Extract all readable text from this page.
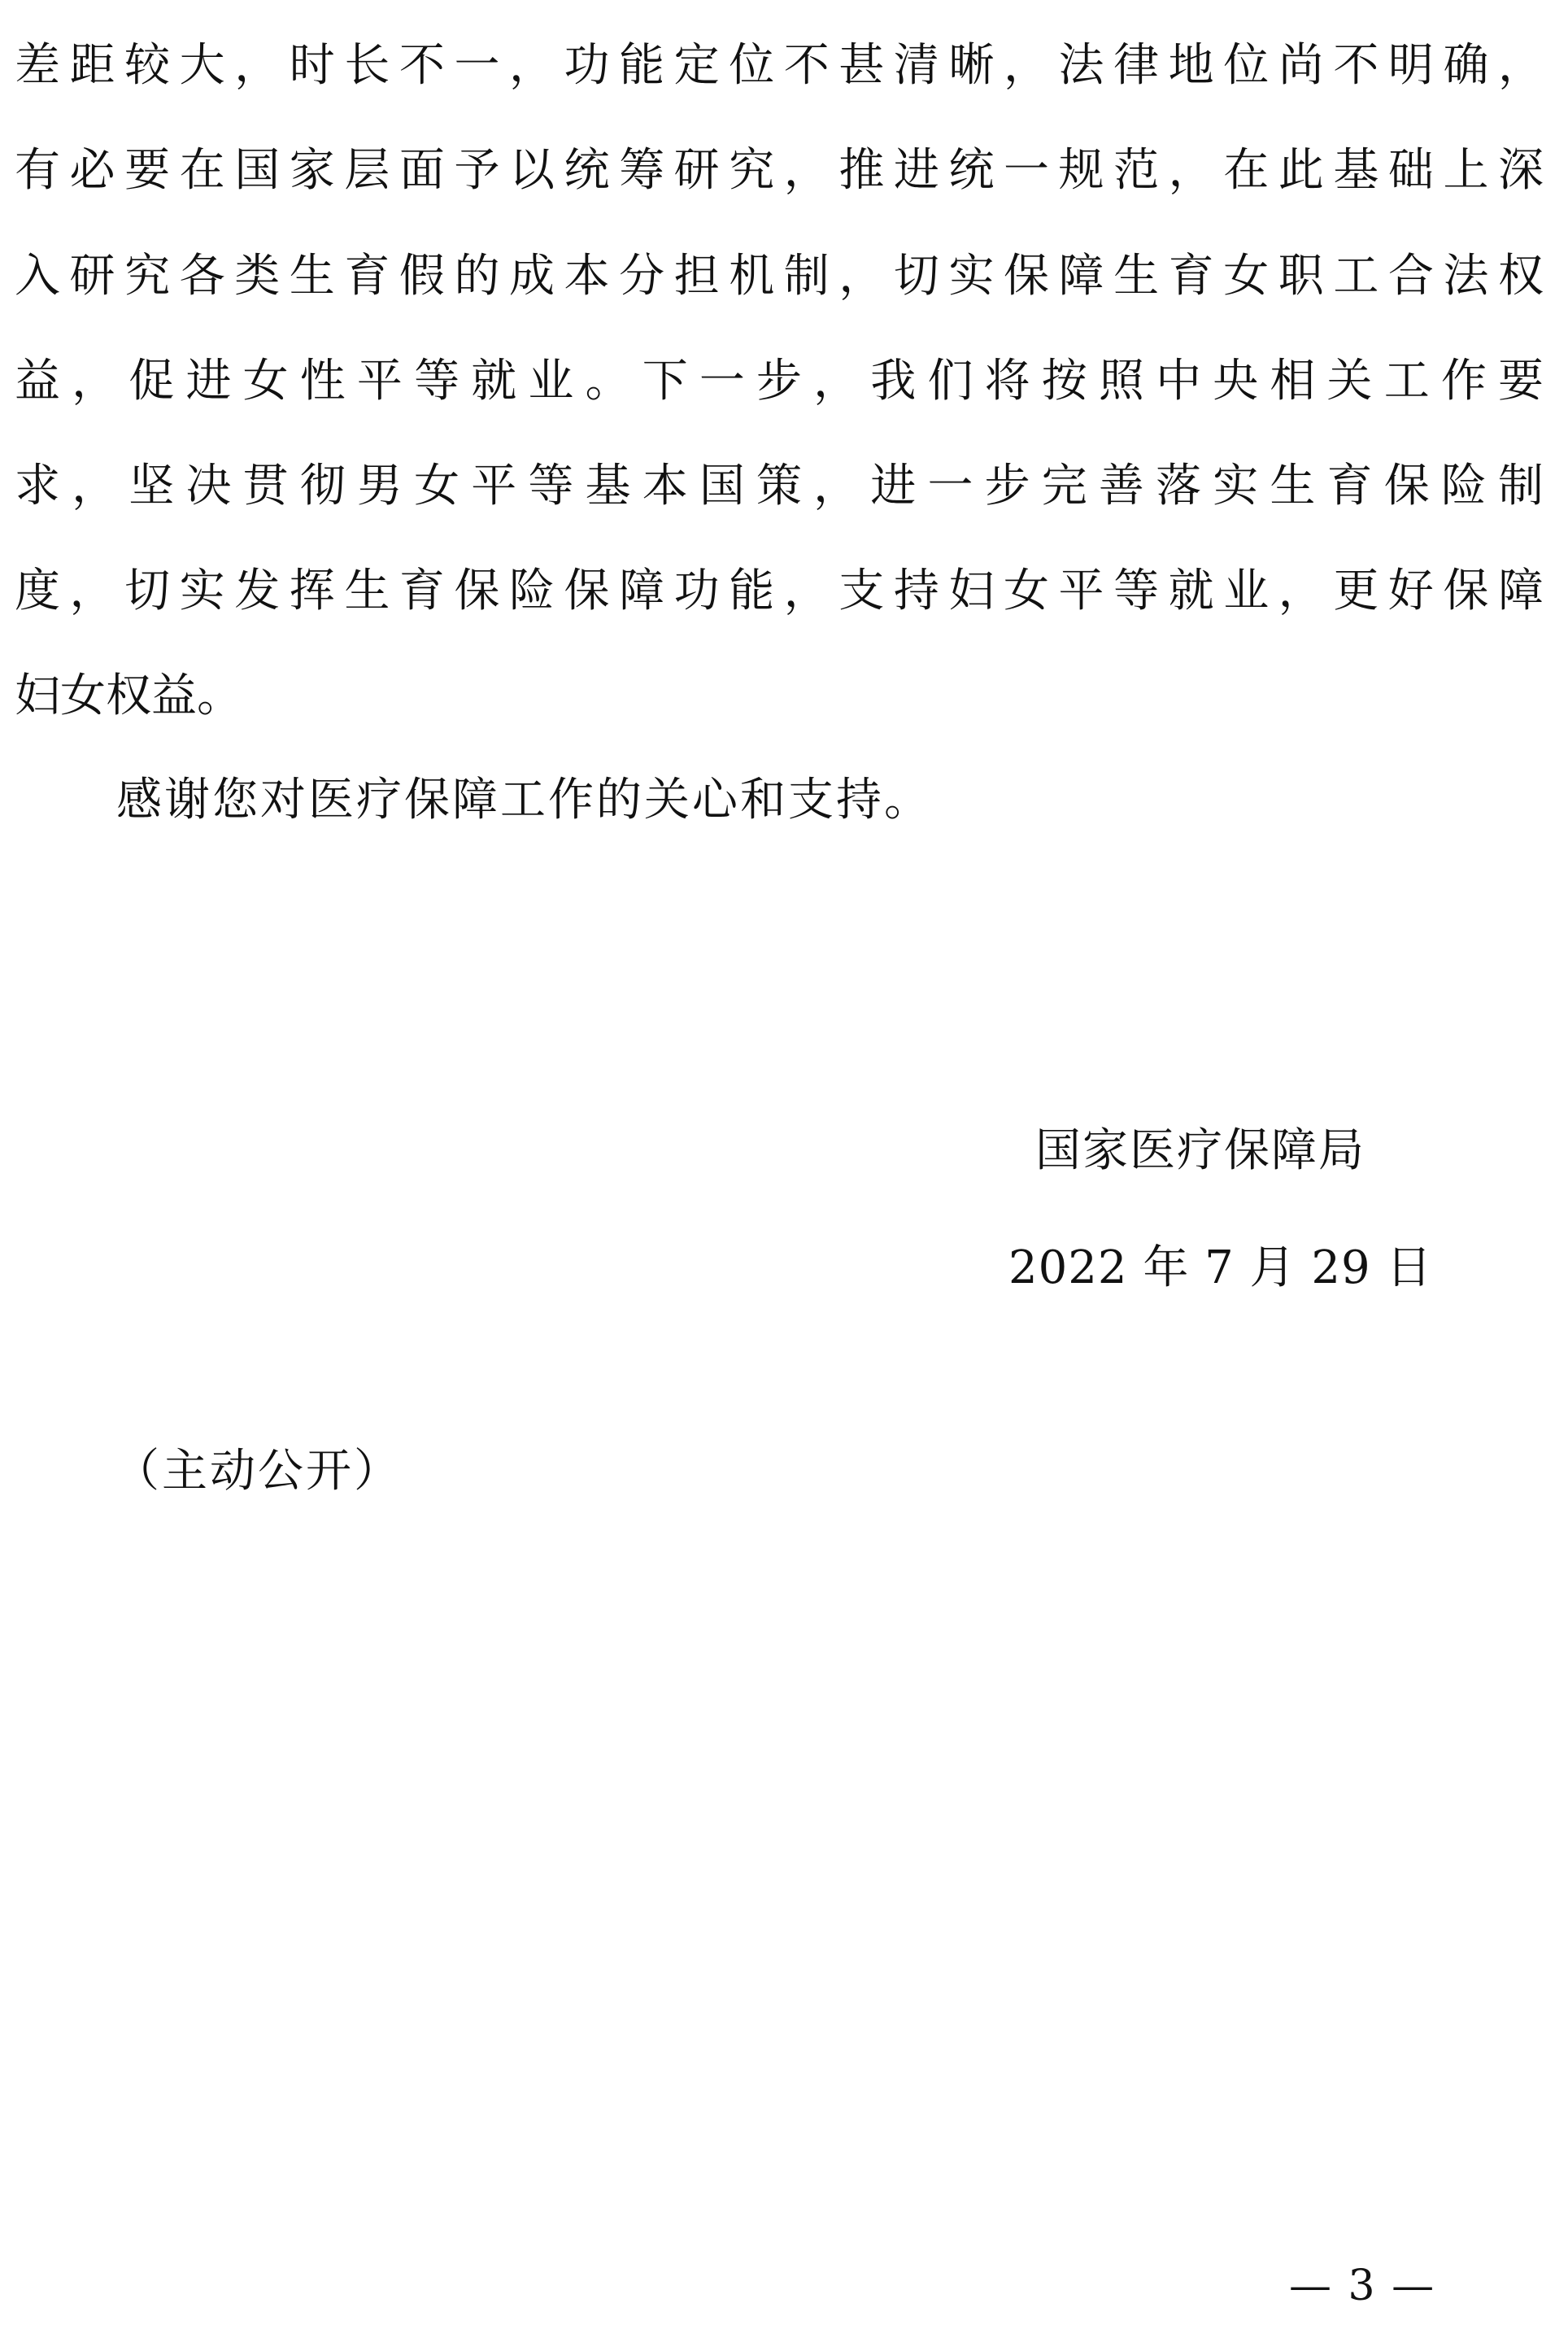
差距较大，时长不一，功能定位不甚清晰，法律地位尚不明确，
有必要在国家层面予以统筹研究，推进统一规范，在此基础上深
入研究各类生育假的成本分担机制，切实保障生育女职工合法权
益，促进女性平等就业。下一步，我们将按照中央相关工作要
求，坚决贯彻男女平等基本国策，进一步完善落实生育保险制
度，切实发挥生育保险保障功能，支持妇女平等就业，更好保障
妇女权益。
感谢您对医疗保障工作的关心和支持。
国家医疗保障局
2022 年 7 月 29 日
（主动公开）
— 3 —
